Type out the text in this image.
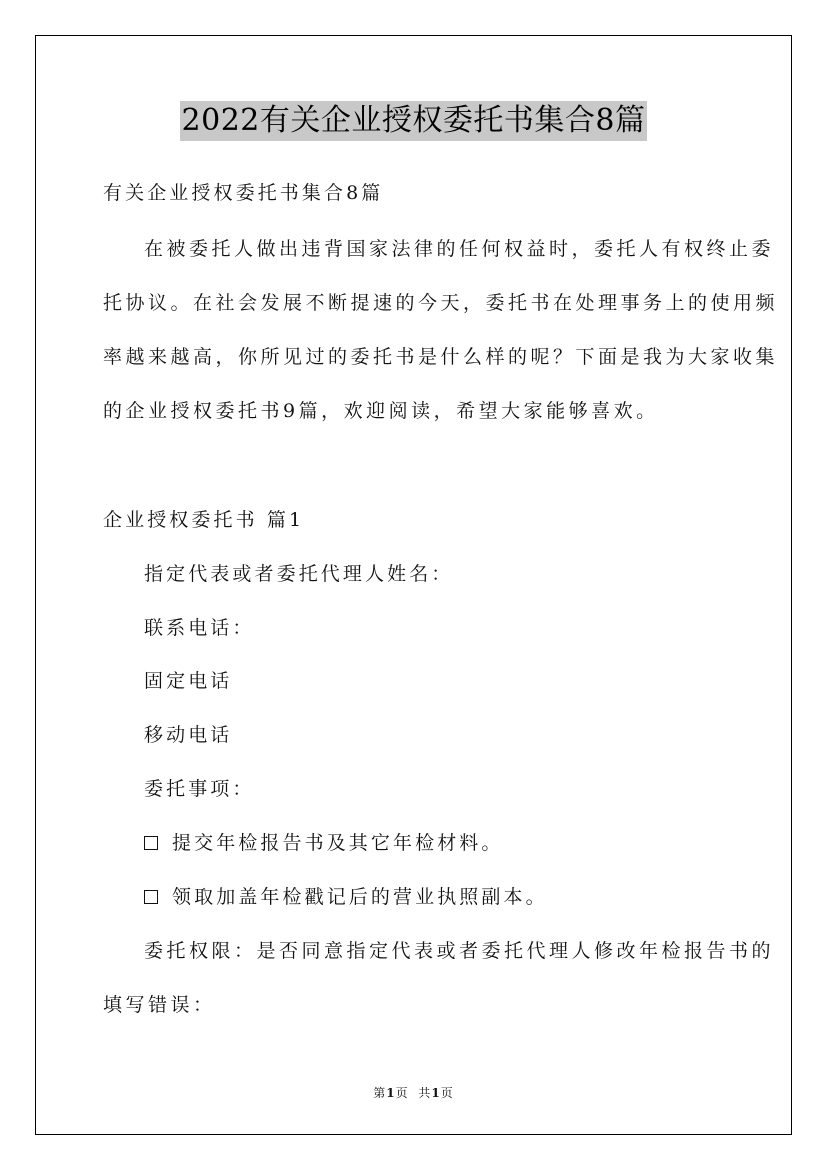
2022有关企业授权委托书集合8篇
有关企业授权委托书集合8篇
在被委托人做出违背国家法律的任何权益时，委托人有权终止委
托协议。在社会发展不断提速的今天，委托书在处理事务上的使用频
率越来越高，你所见过的委托书是什么样的呢？下面是我为大家收集
的企业授权委托书9篇，欢迎阅读，希望大家能够喜欢。
企业授权委托书 篇1
指定代表或者委托代理人姓名：
联系电话：
固定电话
移动电话
委托事项：
提交年检报告书及其它年检材料。
领取加盖年检戳记后的营业执照副本。
委托权限：是否同意指定代表或者委托代理人修改年检报告书的
填写错误：
第1页 共1页
